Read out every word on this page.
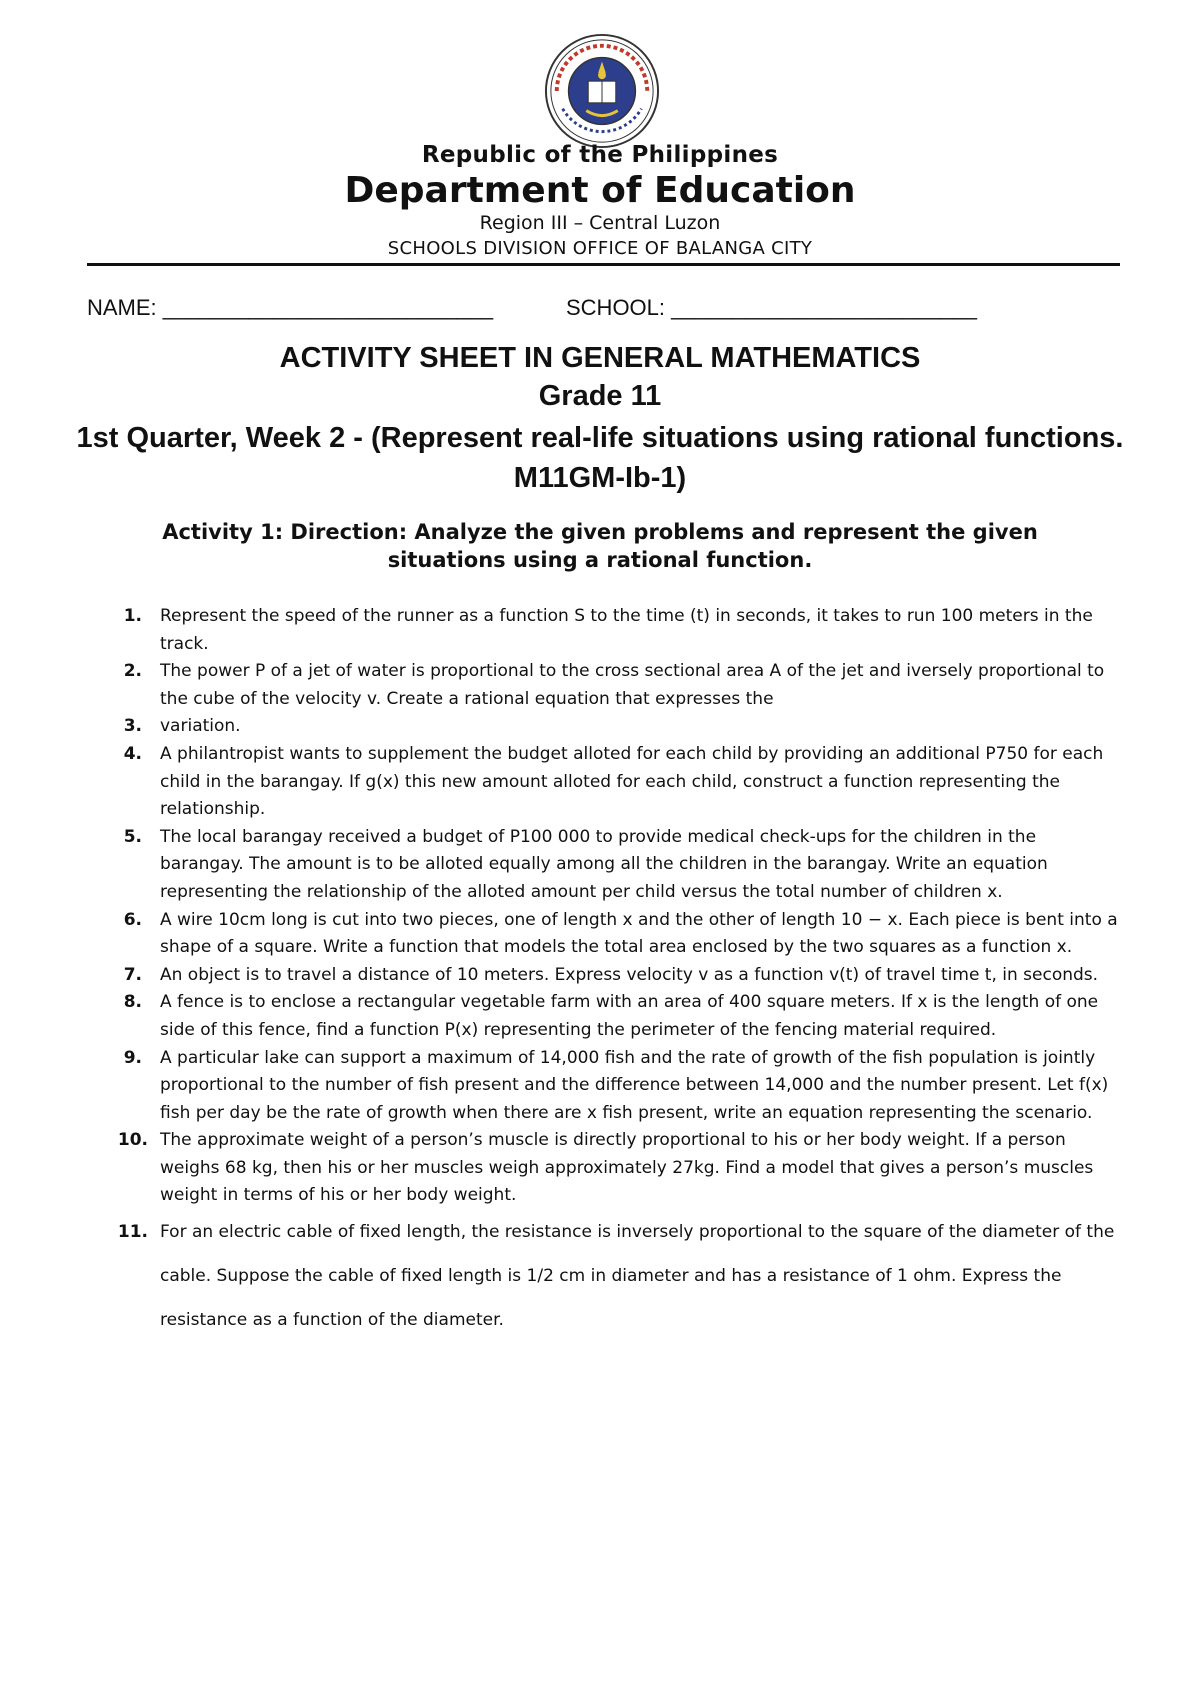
Republic of the Philippines
Department of Education
Region III – Central Luzon
SCHOOLS DIVISION OFFICE OF BALANGA CITY
NAME: ___________________________	SCHOOL: _________________________
ACTIVITY SHEET IN GENERAL MATHEMATICS
Grade 11
1st Quarter, Week 2 - (Represent real-life situations using rational functions. M11GM-Ib-1)
Activity 1: Direction: Analyze the given problems and represent the given situations using a rational function.
1. Represent the speed of the runner as a function S to the time (t) in seconds, it takes to run 100 meters in the track.
2. The power P of a jet of water is proportional to the cross sectional area A of the jet and iversely proportional to the cube of the velocity v. Create a rational equation that expresses the
3. variation.
4. A philantropist wants to supplement the budget alloted for each child by providing an additional P750 for each child in the barangay. If g(x) this new amount alloted for each child, construct a function representing the relationship.
5. The local barangay received a budget of P100 000 to provide medical check-ups for the children in the barangay. The amount is to be alloted equally among all the children in the barangay. Write an equation representing the relationship of the alloted amount per child versus the total number of children x.
6. A wire 10cm long is cut into two pieces, one of length x and the other of length 10 − x. Each piece is bent into a shape of a square. Write a function that models the total area enclosed by the two squares as a function x.
7. An object is to travel a distance of 10 meters. Express velocity v as a function v(t) of travel time t, in seconds.
8. A fence is to enclose a rectangular vegetable farm with an area of 400 square meters. If x is the length of one side of this fence, find a function P(x) representing the perimeter of the fencing material required.
9. A particular lake can support a maximum of 14,000 fish and the rate of growth of the fish population is jointly proportional to the number of fish present and the difference between 14,000 and the number present. Let f(x) fish per day be the rate of growth when there are x fish present, write an equation representing the scenario.
10. The approximate weight of a person’s muscle is directly proportional to his or her body weight. If a person weighs 68 kg, then his or her muscles weigh approximately 27kg. Find a model that gives a person’s muscles weight in terms of his or her body weight.
11. For an electric cable of fixed length, the resistance is inversely proportional to the square of the diameter of the cable. Suppose the cable of fixed length is 1/2 cm in diameter and has a resistance of 1 ohm. Express the resistance as a function of the diameter.
